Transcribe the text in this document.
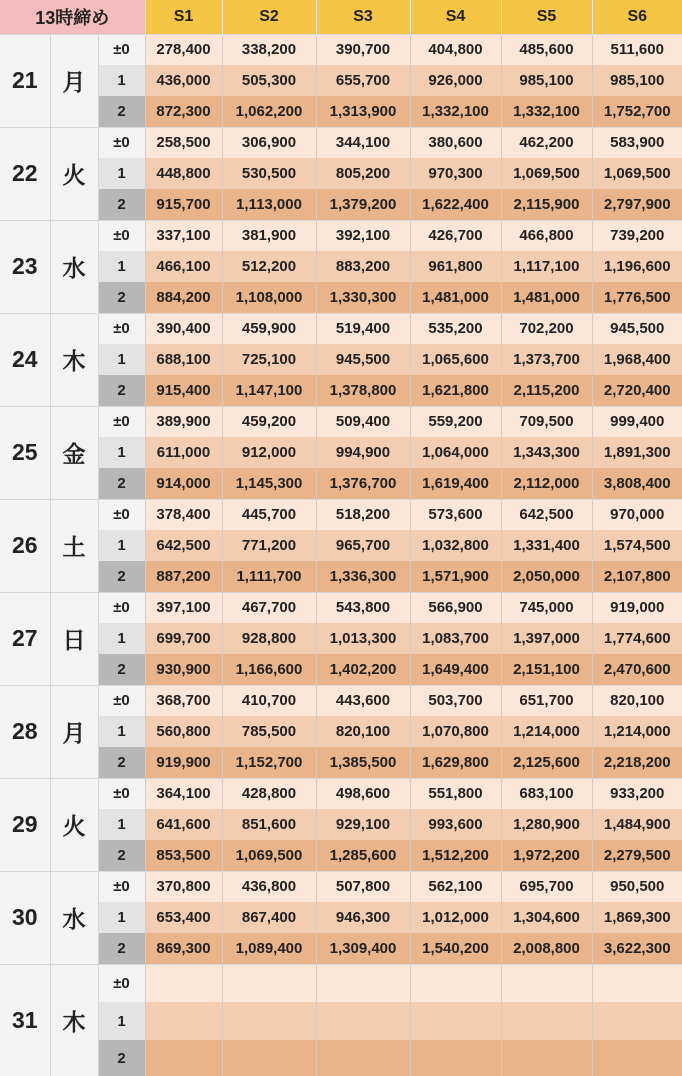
13時締め			S1	S2	S3	S4	S5	S6
21	月	±0	278,400	338,200	390,700	404,800	485,600	511,600
		1	436,000	505,300	655,700	926,000	985,100	985,100
		2	872,300	1,062,200	1,313,900	1,332,100	1,332,100	1,752,700
22	火	±0	258,500	306,900	344,100	380,600	462,200	583,900
		1	448,800	530,500	805,200	970,300	1,069,500	1,069,500
		2	915,700	1,113,000	1,379,200	1,622,400	2,115,900	2,797,900
23	水	±0	337,100	381,900	392,100	426,700	466,800	739,200
		1	466,100	512,200	883,200	961,800	1,117,100	1,196,600
		2	884,200	1,108,000	1,330,300	1,481,000	1,481,000	1,776,500
24	木	±0	390,400	459,900	519,400	535,200	702,200	945,500
		1	688,100	725,100	945,500	1,065,600	1,373,700	1,968,400
		2	915,400	1,147,100	1,378,800	1,621,800	2,115,200	2,720,400
25	金	±0	389,900	459,200	509,400	559,200	709,500	999,400
		1	611,000	912,000	994,900	1,064,000	1,343,300	1,891,300
		2	914,000	1,145,300	1,376,700	1,619,400	2,112,000	3,808,400
26	土	±0	378,400	445,700	518,200	573,600	642,500	970,000
		1	642,500	771,200	965,700	1,032,800	1,331,400	1,574,500
		2	887,200	1,111,700	1,336,300	1,571,900	2,050,000	2,107,800
27	日	±0	397,100	467,700	543,800	566,900	745,000	919,000
		1	699,700	928,800	1,013,300	1,083,700	1,397,000	1,774,600
		2	930,900	1,166,600	1,402,200	1,649,400	2,151,100	2,470,600
28	月	±0	368,700	410,700	443,600	503,700	651,700	820,100
		1	560,800	785,500	820,100	1,070,800	1,214,000	1,214,000
		2	919,900	1,152,700	1,385,500	1,629,800	2,125,600	2,218,200
29	火	±0	364,100	428,800	498,600	551,800	683,100	933,200
		1	641,600	851,600	929,100	993,600	1,280,900	1,484,900
		2	853,500	1,069,500	1,285,600	1,512,200	1,972,200	2,279,500
30	水	±0	370,800	436,800	507,800	562,100	695,700	950,500
		1	653,400	867,400	946,300	1,012,000	1,304,600	1,869,300
		2	869,300	1,089,400	1,309,400	1,540,200	2,008,800	3,622,300
31	木	±0						
		1						
		2						
